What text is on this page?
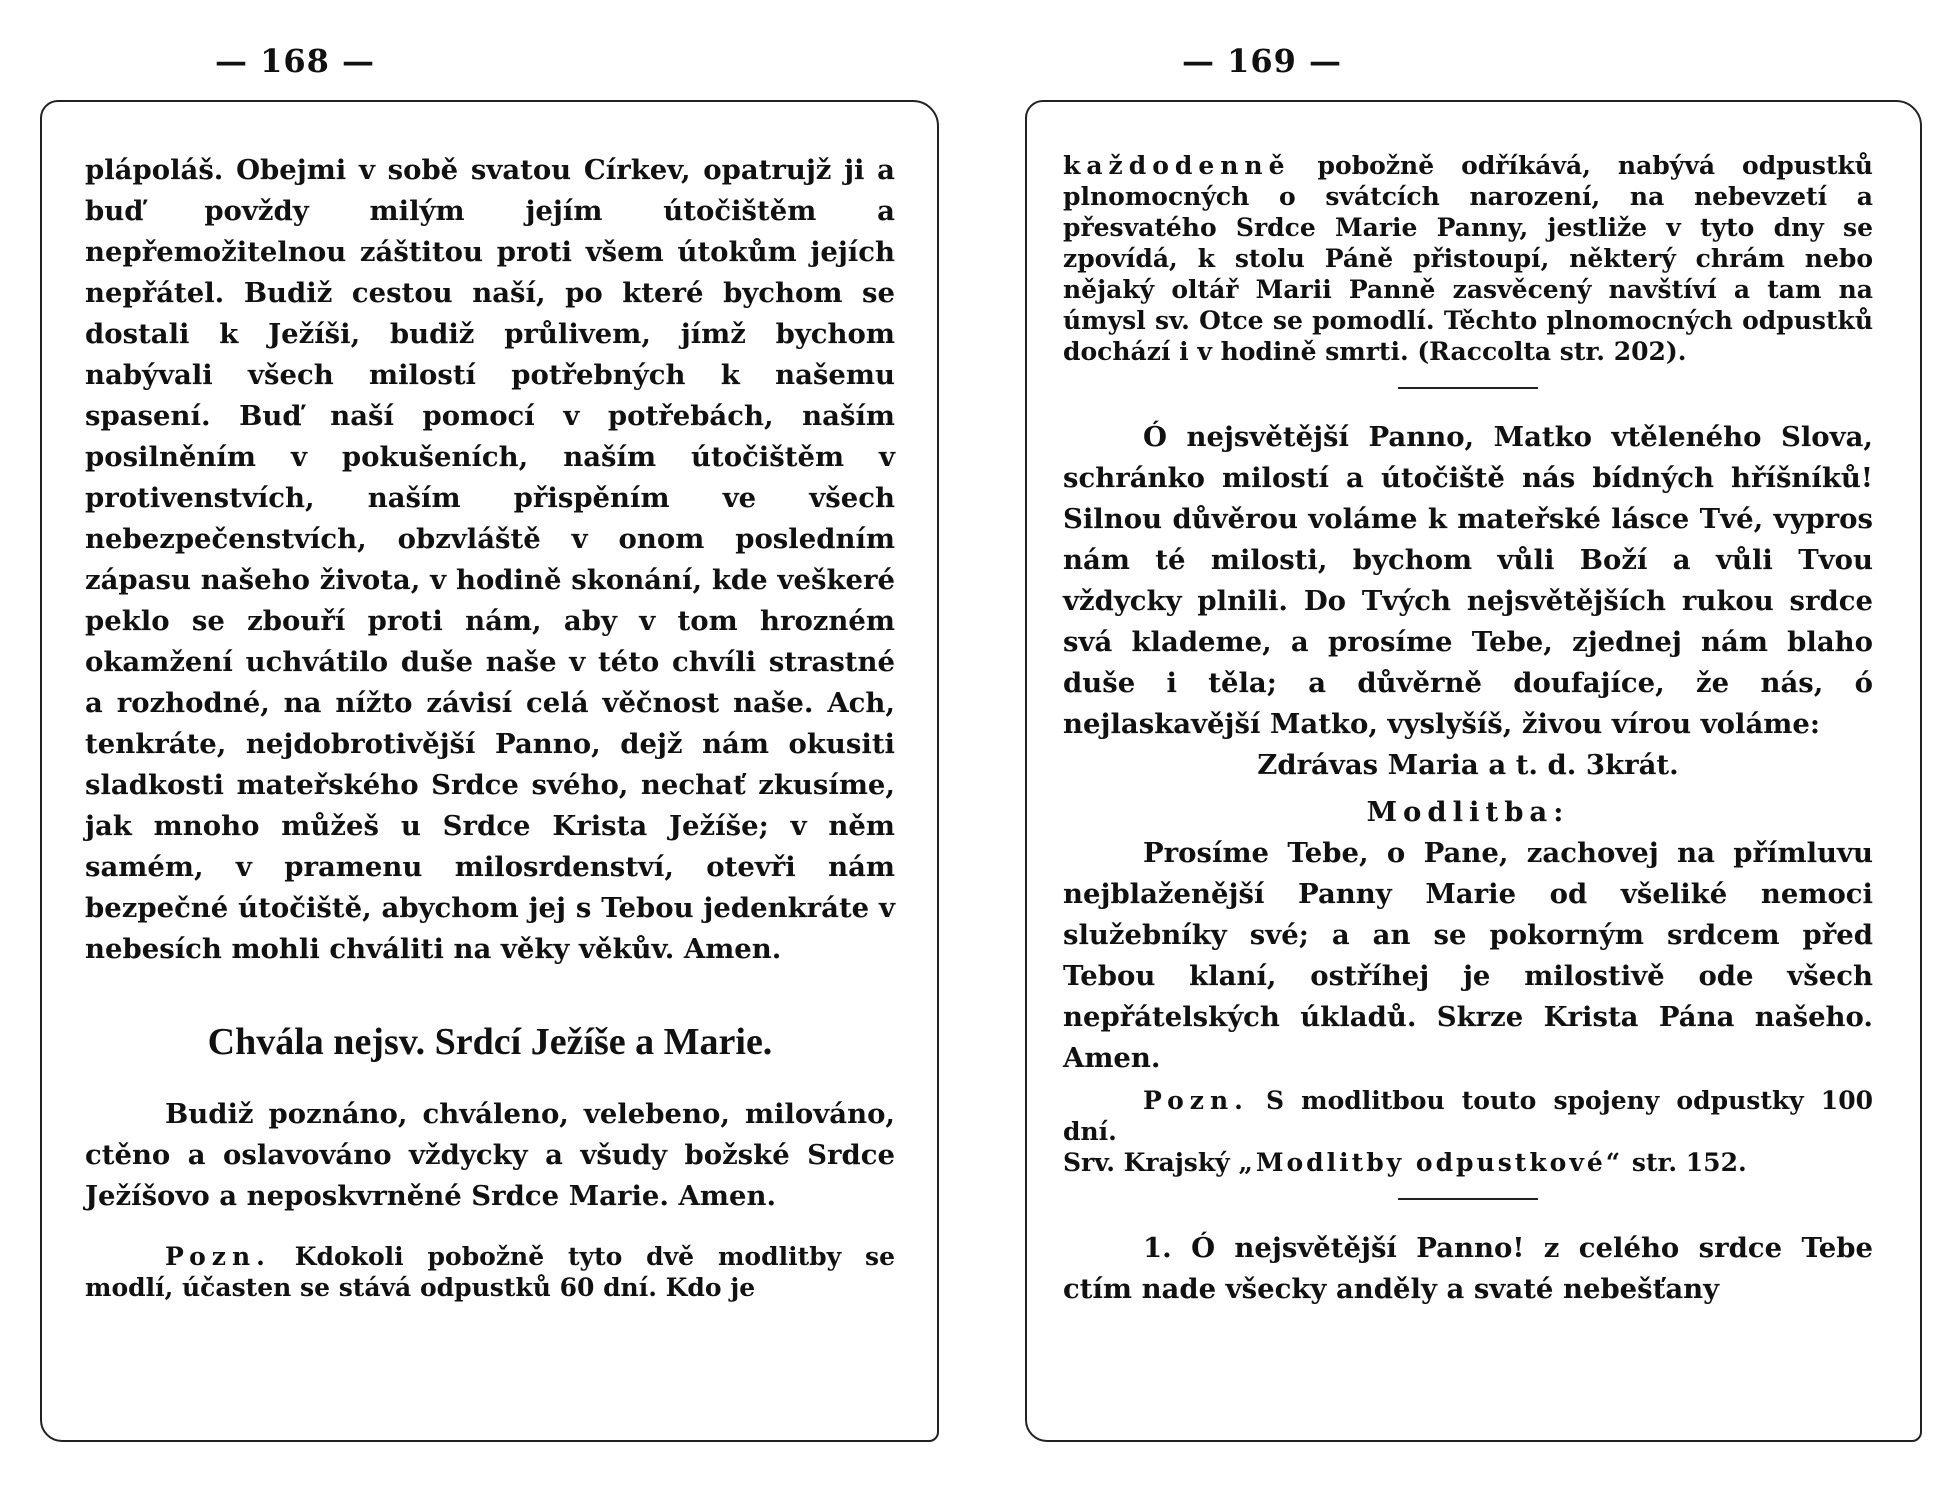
— 168 —

plápoláš. Obejmi v sobě svatou Církev, opatrujž ji a buď povždy milým jejím útočištěm a nepřemožitelnou záštitou proti všem útokům jejích nepřátel. Budiž cestou naší, po které bychom se dostali k Ježíši, budiž průlivem, jímž bychom nabývali všech milostí potřebných k našemu spasení. Buď naší pomocí v potřebách, naším posilněním v pokušeních, naším útočištěm v protivenstvích, naším přispěním ve všech nebezpečenstvích, obzvláště v onom posledním zápasu našeho života, v hodině skonání, kde veškeré peklo se zbouří proti nám, aby v tom hrozném okamžení uchvátilo duše naše v této chvíli strastné a rozhodné, na nížto závisí celá věčnost naše. Ach, tenkráte, nejdobrotivější Panno, dejž nám okusiti sladkosti mateřského Srdce svého, nechať zkusíme, jak mnoho můžeš u Srdce Krista Ježíše; v něm samém, v pramenu milosrdenství, otevři nám bezpečné útočiště, abychom jej s Tebou jedenkráte v nebesích mohli chváliti na věky věkův. Amen.

Chvála nejsv. Srdcí Ježíše a Marie.

Budiž poznáno, chváleno, velebeno, milováno, ctěno a oslavováno vždycky a všudy božské Srdce Ježíšovo a neposkvrněné Srdce Marie. Amen.

Pozn. Kdokoli pobožně tyto dvě modlitby se modlí, účasten se stává odpustků 60 dní. Kdo je

— 169 —

každodenně pobožně odříkává, nabývá odpustků plnomocných o svátcích narození, na nebevzetí a přesvatého Srdce Marie Panny, jestliže v tyto dny se zpovídá, k stolu Páně přistoupí, některý chrám nebo nějaký oltář Marii Panně zasvěcený navštíví a tam na úmysl sv. Otce se pomodlí. Těchto plnomocných odpustků dochází i v hodině smrti. (Raccolta str. 202).

Ó nejsvětější Panno, Matko vtěleného Slova, schránko milostí a útočiště nás bídných hříšníků! Silnou důvěrou voláme k mateřské lásce Tvé, vypros nám té milosti, bychom vůli Boží a vůli Tvou vždycky plnili. Do Tvých nejsvětějších rukou srdce svá klademe, a prosíme Tebe, zjednej nám blaho duše i těla; a důvěrně doufajíce, že nás, ó nejlaskavější Matko, vyslyšíš, živou vírou voláme:

Zdrávas Maria a t. d. 3krát.

Modlitba:

Prosíme Tebe, o Pane, zachovej na přímluvu nejblaženější Panny Marie od všeliké nemoci služebníky své; a an se pokorným srdcem před Tebou klaní, ostříhej je milostivě ode všech nepřátelských úkladů. Skrze Krista Pána našeho. Amen.

Pozn. S modlitbou touto spojeny odpustky 100 dní.

Srv. Krajský „Modlitby odpustkové“ str. 152.

1. Ó nejsvětější Panno! z celého srdce Tebe ctím nade všecky anděly a svaté nebešťany
